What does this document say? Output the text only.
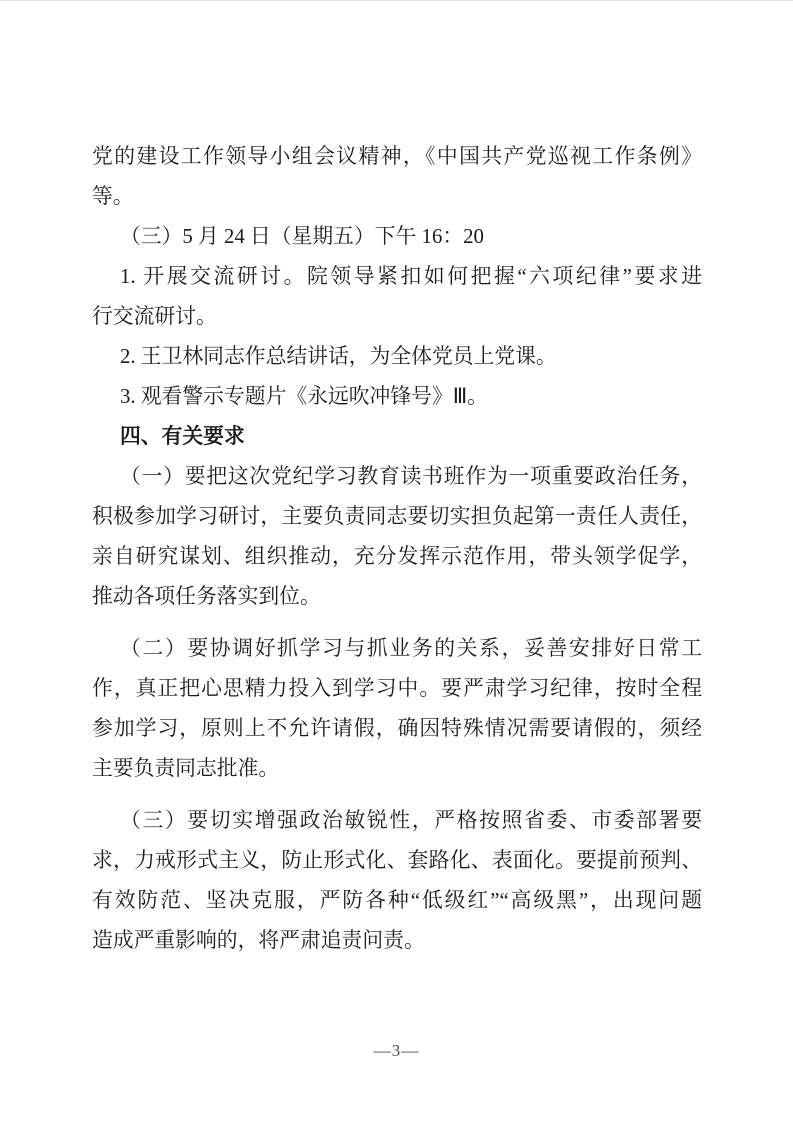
党的建设工作领导小组会议精神，《中国共产党巡视工作条例》
等。
（三）5 月 24 日（星期五）下午 16：20
1. 开展交流研讨。院领导紧扣如何把握“六项纪律”要求进
行交流研讨。
2. 王卫林同志作总结讲话，为全体党员上党课。
3. 观看警示专题片《永远吹冲锋号》Ⅲ。
四、有关要求
（一）要把这次党纪学习教育读书班作为一项重要政治任务，
积极参加学习研讨，主要负责同志要切实担负起第一责任人责任，
亲自研究谋划、组织推动，充分发挥示范作用，带头领学促学，
推动各项任务落实到位。
（二）要协调好抓学习与抓业务的关系，妥善安排好日常工
作，真正把心思精力投入到学习中。要严肃学习纪律，按时全程
参加学习，原则上不允许请假，确因特殊情况需要请假的，须经
主要负责同志批准。
（三）要切实增强政治敏锐性，严格按照省委、市委部署要
求，力戒形式主义，防止形式化、套路化、表面化。要提前预判、
有效防范、坚决克服，严防各种“低级红”“高级黑”，出现问题
造成严重影响的，将严肃追责问责。
—3—
